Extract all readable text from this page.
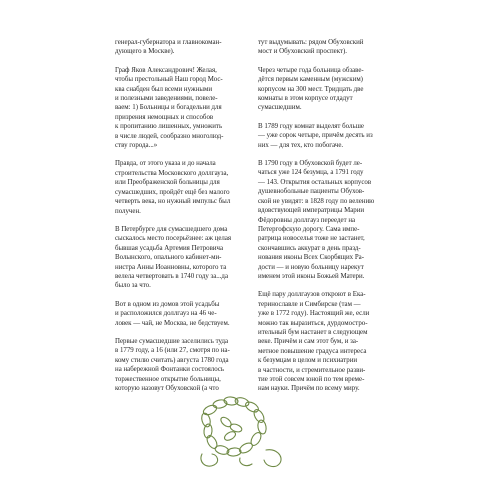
генерал-губернатора и главнокоман-
дующего в Москве).

Граф Яков Александрович! Желая,
чтобы престольный Наш город Мос-
ква снабден был всеми нужными
и полезными заведениями, повеле-
ваем: 1) Больницы и богадельни для
призрения немощных и способов
к пропитанию лишенных, умножить
в числе людей, сообразно многолюд-
ству города...»

Правда, от этого указа и до начала
строительства Московского доллгауза,
или Преображенской больницы для
сумасшедших, пройдёт ещё без малого
четверть века, но нужный импульс был
получен.

В Петербурге для сумасшедшего дома
сыскалось место посерьёзнее: аж целая
бывшая усадьба Артемия Петровича
Волынского, опального кабинет-ми-
нистра Анны Иоанновны, которого та
велела четвертовать в 1740 году за...да
было за что.

Вот в одном из домов этой усадьбы
и расположился доллгауз на 46 че-
ловек — чай, не Москва, не бедствуем.

Первые сумасшедшие заселились туда
в 1779 году, а 16 (или 27, смотря по на-
кому стилю считать) августа 1780 года
на набережной Фонтанки состоялось
торжественное открытие больницы,
которую назовут Обуховской (а что

тут выдумывать: рядом Обуховский
мост и Обуховский проспект).

Через четыре года больница обзаве-
дётся первым каменным (мужским)
корпусом на 300 мест. Тридцать две
комнаты в этом корпусе отдадут
сумасшедшим.

В 1789 году комнат выделят больше
— уже сорок четыре, причём десять из
них — для тех, кто побогаче.

В 1790 году в Обуховской будет ле-
чаться уже 124 безумца, а 1791 году
— 143. Открытия остальных корпусов
душевнобольные пациенты Обухов-
ской не увидят: в 1828 году по велению
вдовствующей императрицы Марии
Фёдоровны доллгауз переедет на
Петергофскую дорогу. Сама импе-
ратрица новоселья тоже не застанет,
скончавшись аккурат в день празд-
нования иконы Всех Скорбящих Ра-
дости — и новую больницу нарекут
именем этой иконы Божьей Матери.

Ещё пару доллгаузов откроют в Ека-
теринославле и Симбирске (там —
уже в 1772 году). Настоящий же, если
можно так выразиться, дурдомостро-
ительный бум настанет в следующем
веке. Причём и сам этот бум, и за-
метное повышение градуса интереса
к безумцам в целом и психиатрии
в частности, и стремительное разви-
тие этой совсем юной по тем време-
нам науки. Причём по всему миру.
